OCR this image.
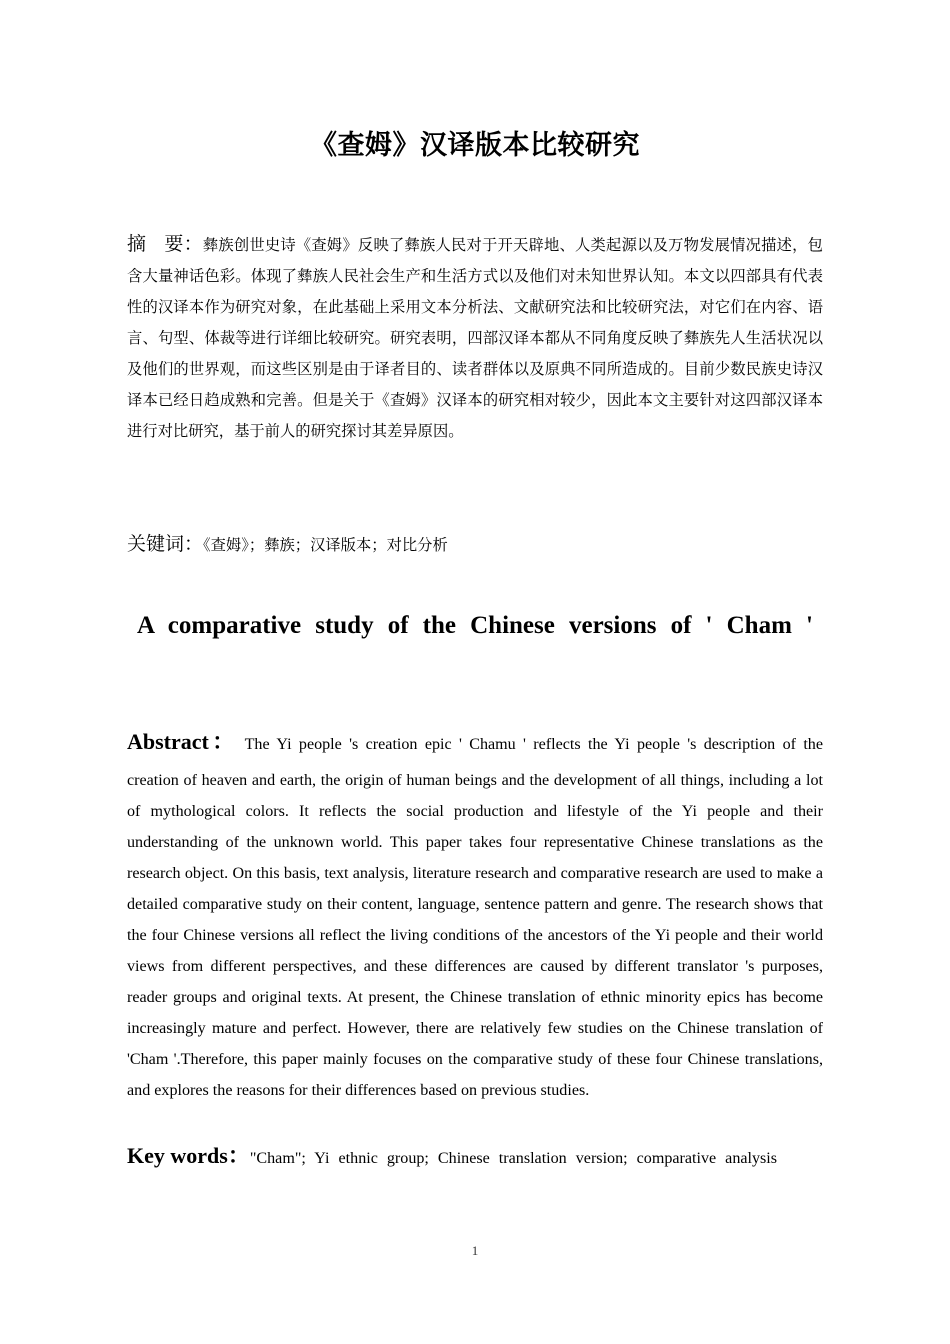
《查姆》汉译版本比较研究
摘 要：彝族创世史诗《查姆》反映了彝族人民对于开天辟地、人类起源以及万物发展情况描述，包含大量神话色彩。体现了彝族人民社会生产和生活方式以及他们对未知世界认知。本文以四部具有代表性的汉译本作为研究对象，在此基础上采用文本分析法、文献研究法和比较研究法，对它们在内容、语言、句型、体裁等进行详细比较研究。研究表明，四部汉译本都从不同角度反映了彝族先人生活状况以及他们的世界观，而这些区别是由于译者目的、读者群体以及原典不同所造成的。目前少数民族史诗汉译本已经日趋成熟和完善。但是关于《查姆》汉译本的研究相对较少，因此本文主要针对这四部汉译本进行对比研究，基于前人的研究探讨其差异原因。
关键词：《查姆》；彝族；汉译版本；对比分析
A comparative study of the Chinese versions of ' Cham '
Abstract： The Yi people 's creation epic ' Chamu ' reflects the Yi people 's description of the
creation of heaven and earth, the origin of human beings and the development of all things, including a lot of mythological colors. It reflects the social production and lifestyle of the Yi people and their understanding of the unknown world. This paper takes four representative Chinese translations as the research object. On this basis, text analysis, literature research and comparative research are used to make a detailed comparative study on their content, language, sentence pattern and genre. The research shows that the four Chinese versions all reflect the living conditions of the ancestors of the Yi people and their world views from different perspectives, and these differences are caused by different translator 's purposes, reader groups and original texts. At present, the Chinese translation of ethnic minority epics has become increasingly mature and perfect. However, there are relatively few studies on the Chinese translation of 'Cham '.Therefore, this paper mainly focuses on the comparative study of these four Chinese translations, and explores the reasons for their differences based on previous studies.
Key words："Cham"; Yi ethnic group; Chinese translation version; comparative analysis
1
